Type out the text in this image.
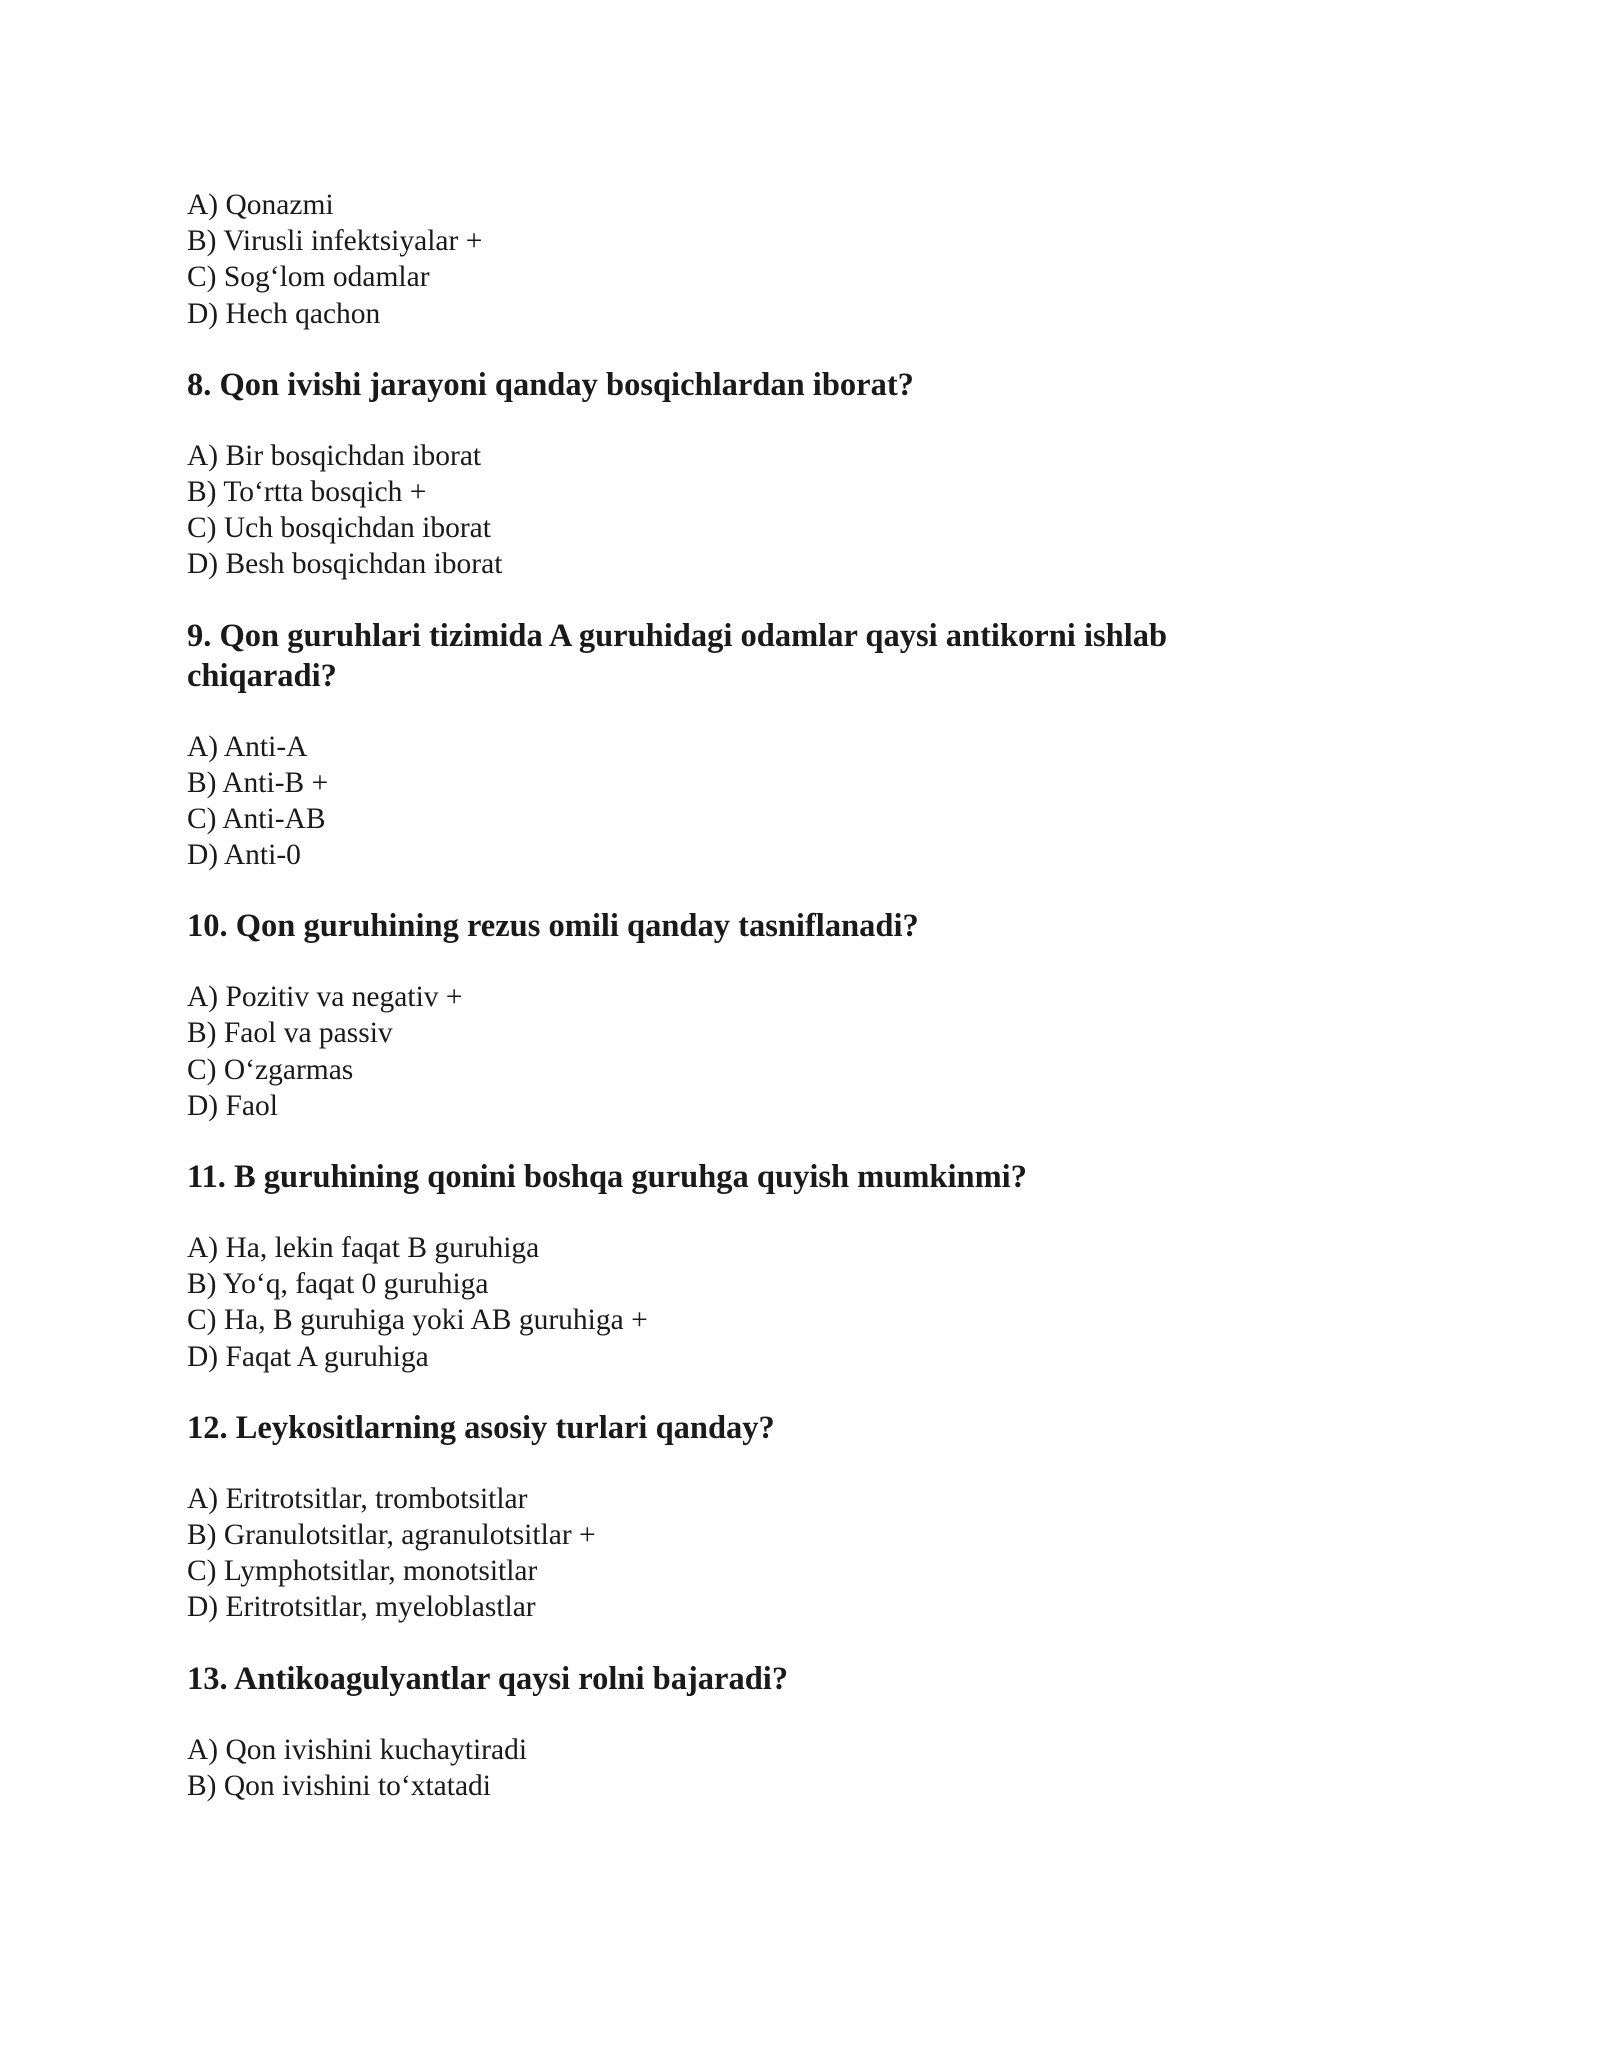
A) Qonazmi
B) Virusli infektsiyalar +
C) Sog‘lom odamlar
D) Hech qachon
8. Qon ivishi jarayoni qanday bosqichlardan iborat?
A) Bir bosqichdan iborat
B) To‘rtta bosqich +
C) Uch bosqichdan iborat
D) Besh bosqichdan iborat
9. Qon guruhlari tizimida A guruhidagi odamlar qaysi antikorni ishlab
chiqaradi?
A) Anti-A
B) Anti-B +
C) Anti-AB
D) Anti-0
10. Qon guruhining rezus omili qanday tasniflanadi?
A) Pozitiv va negativ +
B) Faol va passiv
C) O‘zgarmas
D) Faol
11. B guruhining qonini boshqa guruhga quyish mumkinmi?
A) Ha, lekin faqat B guruhiga
B) Yo‘q, faqat 0 guruhiga
C) Ha, B guruhiga yoki AB guruhiga +
D) Faqat A guruhiga
12. Leykositlarning asosiy turlari qanday?
A) Eritrotsitlar, trombotsitlar
B) Granulotsitlar, agranulotsitlar +
C) Lymphotsitlar, monotsitlar
D) Eritrotsitlar, myeloblastlar
13. Antikoagulyantlar qaysi rolni bajaradi?
A) Qon ivishini kuchaytiradi
B) Qon ivishini to‘xtatadi
